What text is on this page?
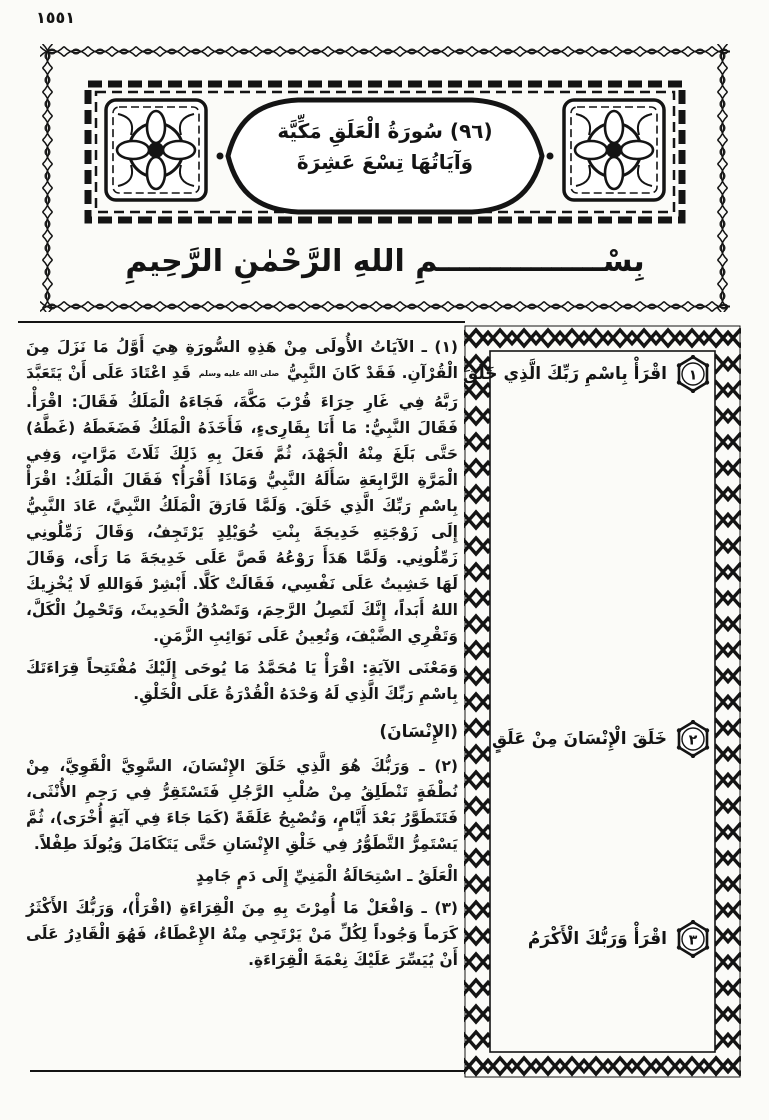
١٥٥١
(٩٦) سُورَةُ الْعَلَقِ مَكِّيَّة
وَآيَاتُهَا تِسْعَ عَشِرَةَ
بِسْــــــــــــــــمِ اللهِ الرَّحْمٰنِ الرَّحِيمِ

(١) ـ الآيَاتُ الأُولَى مِنْ هَذِهِ السُّورَةِ هِيَ أَوَّلُ مَا نَزَلَ مِنَ الْقُرْآنِ. فَقَدْ كَانَ النَّبِيُّ صلى الله عليه وسلم قَدِ اعْتَادَ عَلَى أَنْ يَتَعَبَّدَ رَبَّهُ فِي غَارِ حِرَاءَ قُرْبَ مَكَّةَ، فَجَاءَهُ الْمَلَكُ فَقَالَ: اقْرَأْ. فَقَالَ النَّبِيُّ: مَا أَنَا بِقَارِىءٍ، فَأَخَذَهُ الْمَلَكُ فَضَغَطَهُ (غَطَّهُ) حَتَّى بَلَغَ مِنْهُ الْجَهْدَ، ثُمَّ فَعَلَ بِهِ ذَلِكَ ثَلَاثَ مَرَّاتٍ، وَفِي الْمَرَّةِ الرَّابِعَةِ سَأَلَهُ النَّبِيُّ وَمَاذَا أَقْرَأُ؟ فَقَالَ الْمَلَكُ: اقْرَأْ بِاسْمِ رَبِّكَ الَّذِي خَلَقَ. وَلَمَّا فَارَقَ الْمَلَكُ النَّبِيَّ، عَادَ النَّبِيُّ إِلَى زَوْجَتِهِ خَدِيجَةَ بِنْتِ خُوَيْلِدٍ يَرْتَجِفُ، وَقَالَ زَمِّلُونِي زَمِّلُونِي. وَلَمَّا هَدَأَ رَوْعُهُ قَصَّ عَلَى خَدِيجَةَ مَا رَأَى، وَقَالَ لَهَا خَشِيتُ عَلَى نَفْسِي، فَقَالَتْ كَلَّا. أَبْشِرْ فَوَاللهِ لَا يُخْزِيكَ اللهُ أَبَداً، إِنَّكَ لَتَصِلُ الرَّحِمَ، وَتَصْدُقُ الْحَدِيثَ، وَتَحْمِلُ الْكَلَّ، وَتَقْرِي الضَّيْفَ، وَتُعِينُ عَلَى نَوَائِبِ الزَّمَنِ.

وَمَعْنَى الآيَةِ: اقْرَأْ يَا مُحَمَّدُ مَا يُوحَى إِلَيْكَ مُفْتَتِحاً قِرَاءَتَكَ بِاسْمِ رَبِّكَ الَّذِي لَهُ وَحْدَهُ الْقُدْرَةُ عَلَى الْخَلْقِ.

(الإِنْسَانَ)

(٢) ـ وَرَبُّكَ هُوَ الَّذِي خَلَقَ الإِنْسَانَ، السَّوِيَّ الْقَوِيَّ، مِنْ نُطْفَةٍ تَنْطَلِقُ مِنْ صُلْبِ الرَّجُلِ فَتَسْتَقِرُّ فِي رَحِمِ الأُنْثَى، فَتَتَطَوَّرُ بَعْدَ أَيَّامٍ، وَتُصْبِحُ عَلَقَةً (كَمَا جَاءَ فِي آيَةٍ أُخْرَى)، ثُمَّ يَسْتَمِرُّ التَّطَوُّرُ فِي خَلْقِ الإِنْسَانِ حَتَّى يَتَكَامَلَ وَيُولَدَ طِفْلاً.

الْعَلَقُ ـ اسْتِحَالَةُ الْمَنِيِّ إِلَى دَمٍ جَامِدٍ

(٣) ـ وَافْعَلْ مَا أُمِرْتَ بِهِ مِنَ الْقِرَاءَةِ (اقْرَأْ)، وَرَبُّكَ الأَكْثَرُ كَرَماً وَجُوداً لِكُلِّ مَنْ يَرْتَجِي مِنْهُ الإِعْطَاءُ، فَهُوَ الْقَادِرُ عَلَى أَنْ يُيَسِّرَ عَلَيْكَ نِعْمَةَ الْقِرَاءَةِ.

١
اقْرَأْ بِاسْمِ رَبِّكَ الَّذِي خَلَقَ
٢
خَلَقَ الْإِنْسَانَ مِنْ عَلَقٍ
٣
اقْرَأْ وَرَبُّكَ الْأَكْرَمُ
